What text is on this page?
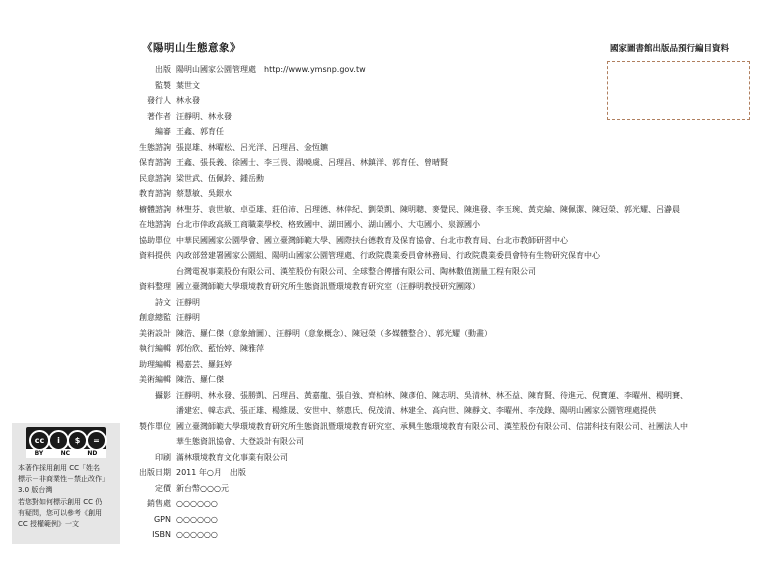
《陽明山生態意象》	國家圖書館出版品預行編目資料
出版 陽明山國家公園管理處　http://www.ymsnp.gov.tw
監製 葉世文
發行人 林永發
著作者 汪靜明、林永發
編審 王鑫、郭育任
生態諮詢 張崑雄、林曜松、呂光洋、呂理昌、金恆鑣
保育諮詢 王鑫、張長義、徐國士、李三畏、湯曉虞、呂理昌、林鎮洋、郭育任、曾晴賢
民意諮詢 梁世武、伍佩鈴、鍾岳勳
教育諮詢 蔡慧敏、吳銀水
櫥體諮詢 林聖芬、袁世敏、卓亞雄、莊伯沛、呂理德、林倖紀、劉榮凱、陳明聰、麥覺民、陳進發、李玉琬、黃克綸、陳佩潔、陳冠榮、郭光耀、呂瀞晨
在地諮詢 台北市倖政高級工商職業學校、格致國中、湖田國小、湖山國小、大屯國小、泉源國小
協助單位 中華民國國家公園學會、國立臺灣師範大學、國際扶台德教育及保育協會、台北市教育局、台北市教師研習中心
資料提供 內政部營建署國家公園組、陽明山國家公園管理處、行政院農業委員會林務局、行政院農業委員會特有生物研究保育中心
台灣電視事業股份有限公司、漢笙股份有限公司、全球整合傳播有限公司、陶林數值測量工程有限公司
資料整理 國立臺灣師範大學環境教育研究所生態資訊暨環境教育研究室（汪靜明教授研究團隊）
詩文 汪靜明
創意總監 汪靜明
美術設計 陳浩、羅仁傑（意象繪圖）、汪靜明（意象概念）、陳冠榮（多媒體整合）、郭光耀（動畫）
執行編輯 郭怡欣、藍怡婷、陳雅萍
助理編輯 楊嘉芸、羅鈺婷
美術編輯 陳浩、羅仁傑
攝影 汪靜明、林永發、張勝凱、呂理昌、黃嘉龍、張自強、齊柏林、陳彥伯、陳志明、吳清林、林丕益、陳育賢、待進元、倪寶蓮、李曜州、楊明賽、
潘建宏、韓志武、張正雄、楊維晟、安世中、蔡惠氏、倪茂清、林建全、高向世、陳靜文、李曜州、李茂錄、陽明山國家公園管理處提供
製作單位 國立臺灣師範大學環境教育研究所生態資訊暨環境教育研究室、承興生態環境教育有限公司、漢笙股份有限公司、信諾科技有限公司、社團法人中
華生態資訊協會、大登設計有限公司
印刷 滿林環境教育文化事業有限公司
出版日期 2011 年○月　出版
定價 新台幣○○○元
銷售處 ○○○○○○
GPN ○○○○○○
ISBN ○○○○○○
cc	i	$	=
BY	NC	ND
本著作採用創用 CC「姓名
標示－非商業性－禁止改作」
3.0 版台灣
若您對如何標示創用 CC 仍
有疑問，您可以參考《創用
CC 授權範例》一文
